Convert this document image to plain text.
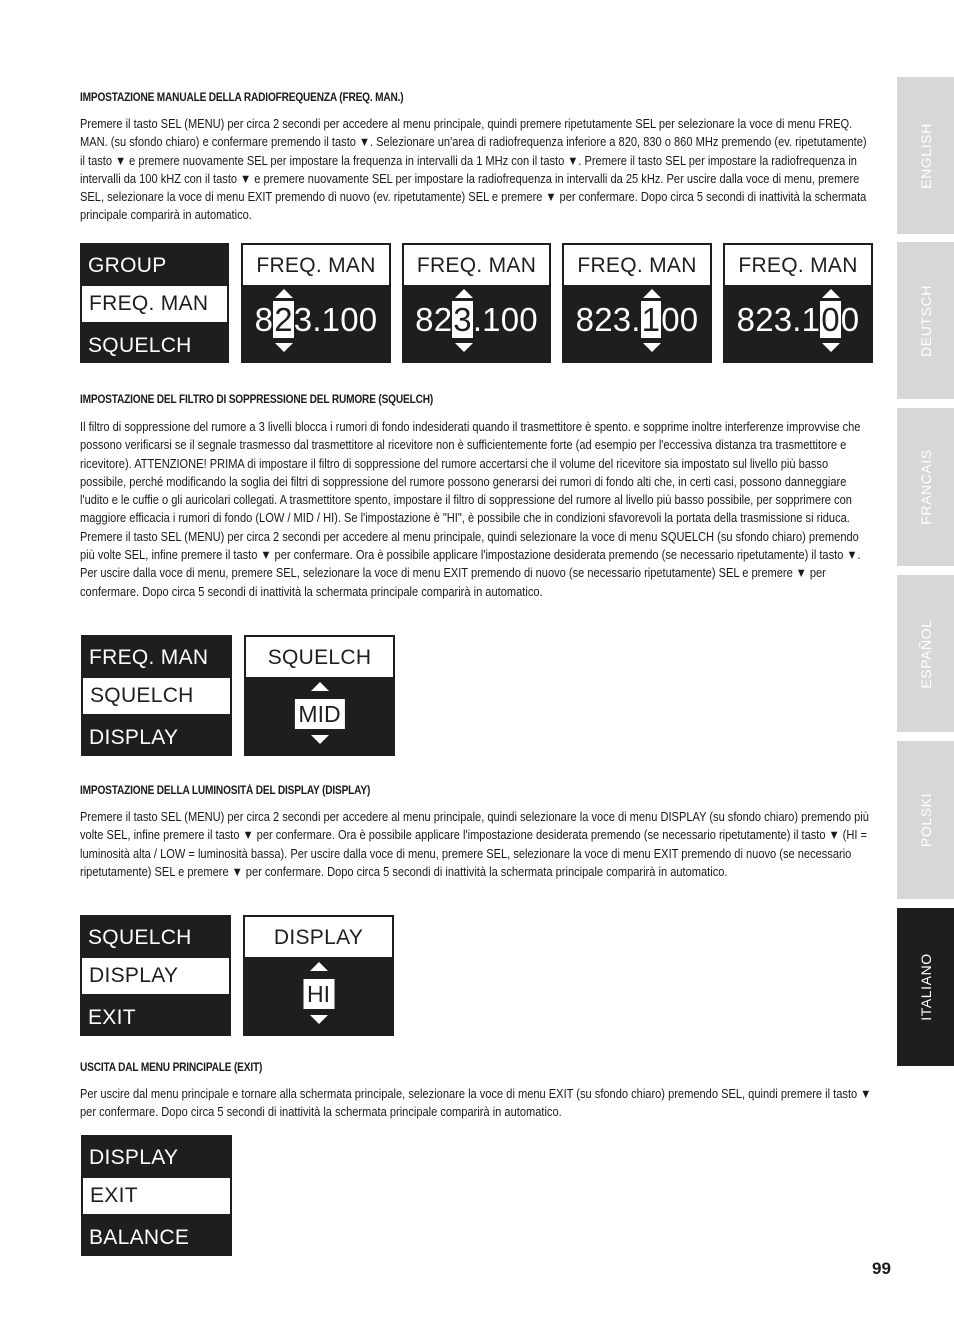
IMPOSTAZIONE MANUALE DELLA RADIOFREQUENZA (FREQ. MAN.)

Premere il tasto SEL (MENU) per circa 2 secondi per accedere al menu principale, quindi premere ripetutamente SEL per selezionare la voce di menu FREQ. MAN. (su sfondo chiaro) e confermare premendo il tasto ▼. Selezionare un'area di radiofrequenza inferiore a 820, 830 o 860 MHz premendo (ev. ripetutamente) il tasto ▼ e premere nuovamente SEL per impostare la frequenza in intervalli da 1 MHz con il tasto ▼. Premere il tasto SEL per impostare la radiofrequenza in intervalli da 100 kHZ con il tasto ▼ e premere nuovamente SEL per impostare la radiofrequenza in intervalli da 25 kHz. Per uscire dalla voce di menu, premere SEL, selezionare la voce di menu EXIT premendo di nuovo (ev. ripetutamente) SEL e premere ▼ per confermare. Dopo circa 5 secondi di inattività la schermata principale comparirà in automatico.

GROUP
FREQ. MAN
SQUELCH
FREQ. MAN
823.100
FREQ. MAN
823.100
FREQ. MAN
823.100
FREQ. MAN
823.100
IMPOSTAZIONE DEL FILTRO DI SOPPRESSIONE DEL RUMORE (SQUELCH)

Il filtro di soppressione del rumore a 3 livelli blocca i rumori di fondo indesiderati quando il trasmettitore è spento. e sopprime inoltre interferenze improvvise che possono verificarsi se il segnale trasmesso dal trasmettitore al ricevitore non è sufficientemente forte (ad esempio per l'eccessiva distanza tra trasmettitore e ricevitore). ATTENZIONE! PRIMA di impostare il filtro di soppressione del rumore accertarsi che il volume del ricevitore sia impostato sul livello più basso possibile, perché modificando la soglia dei filtri di soppressione del rumore possono generarsi dei rumori di fondo alti che, in certi casi, possono danneggiare l'udito e le cuffie o gli auricolari collegati. A trasmettitore spento, impostare il filtro di soppressione del rumore al livello più basso possibile, per sopprimere con maggiore efficacia i rumori di fondo (LOW / MID / HI). Se l'impostazione è "HI", è possibile che in condizioni sfavorevoli la portata della trasmissione si riduca. Premere il tasto SEL (MENU) per circa 2 secondi per accedere al menu principale, quindi selezionare la voce di menu SQUELCH (su sfondo chiaro) premendo più volte SEL, infine premere il tasto ▼ per confermare. Ora è possibile applicare l'impostazione desiderata premendo (se necessario ripetutamente) il tasto ▼. Per uscire dalla voce di menu, premere SEL, selezionare la voce di menu EXIT premendo di nuovo (se necessario ripetutamente) SEL e premere ▼ per confermare. Dopo circa 5 secondi di inattività la schermata principale comparirà in automatico.

FREQ. MAN
SQUELCH
DISPLAY
SQUELCH
MID
IMPOSTAZIONE DELLA LUMINOSITÀ DEL DISPLAY (DISPLAY)

Premere il tasto SEL (MENU) per circa 2 secondi per accedere al menu principale, quindi selezionare la voce di menu DISPLAY (su sfondo chiaro) premendo più volte SEL, infine premere il tasto ▼ per confermare. Ora è possibile applicare l'impostazione desiderata premendo (se necessario ripetutamente) il tasto ▼ (HI = luminosità alta / LOW = luminosità bassa). Per uscire dalla voce di menu, premere SEL, selezionare la voce di menu EXIT premendo di nuovo (se necessario ripetutamente) SEL e premere ▼ per confermare. Dopo circa 5 secondi di inattività la schermata principale comparirà in automatico.

SQUELCH
DISPLAY
EXIT
DISPLAY
HI
USCITA DAL MENU PRINCIPALE (EXIT)

Per uscire dal menu principale e tornare alla schermata principale, selezionare la voce di menu EXIT (su sfondo chiaro) premendo SEL, quindi premere il tasto ▼ per confermare. Dopo circa 5 secondi di inattività la schermata principale comparirà in automatico.

DISPLAY
EXIT
BALANCE
ENGLISH
DEUTSCH
FRANCAIS
ESPAÑOL
POLSKI
ITALIANO
99
